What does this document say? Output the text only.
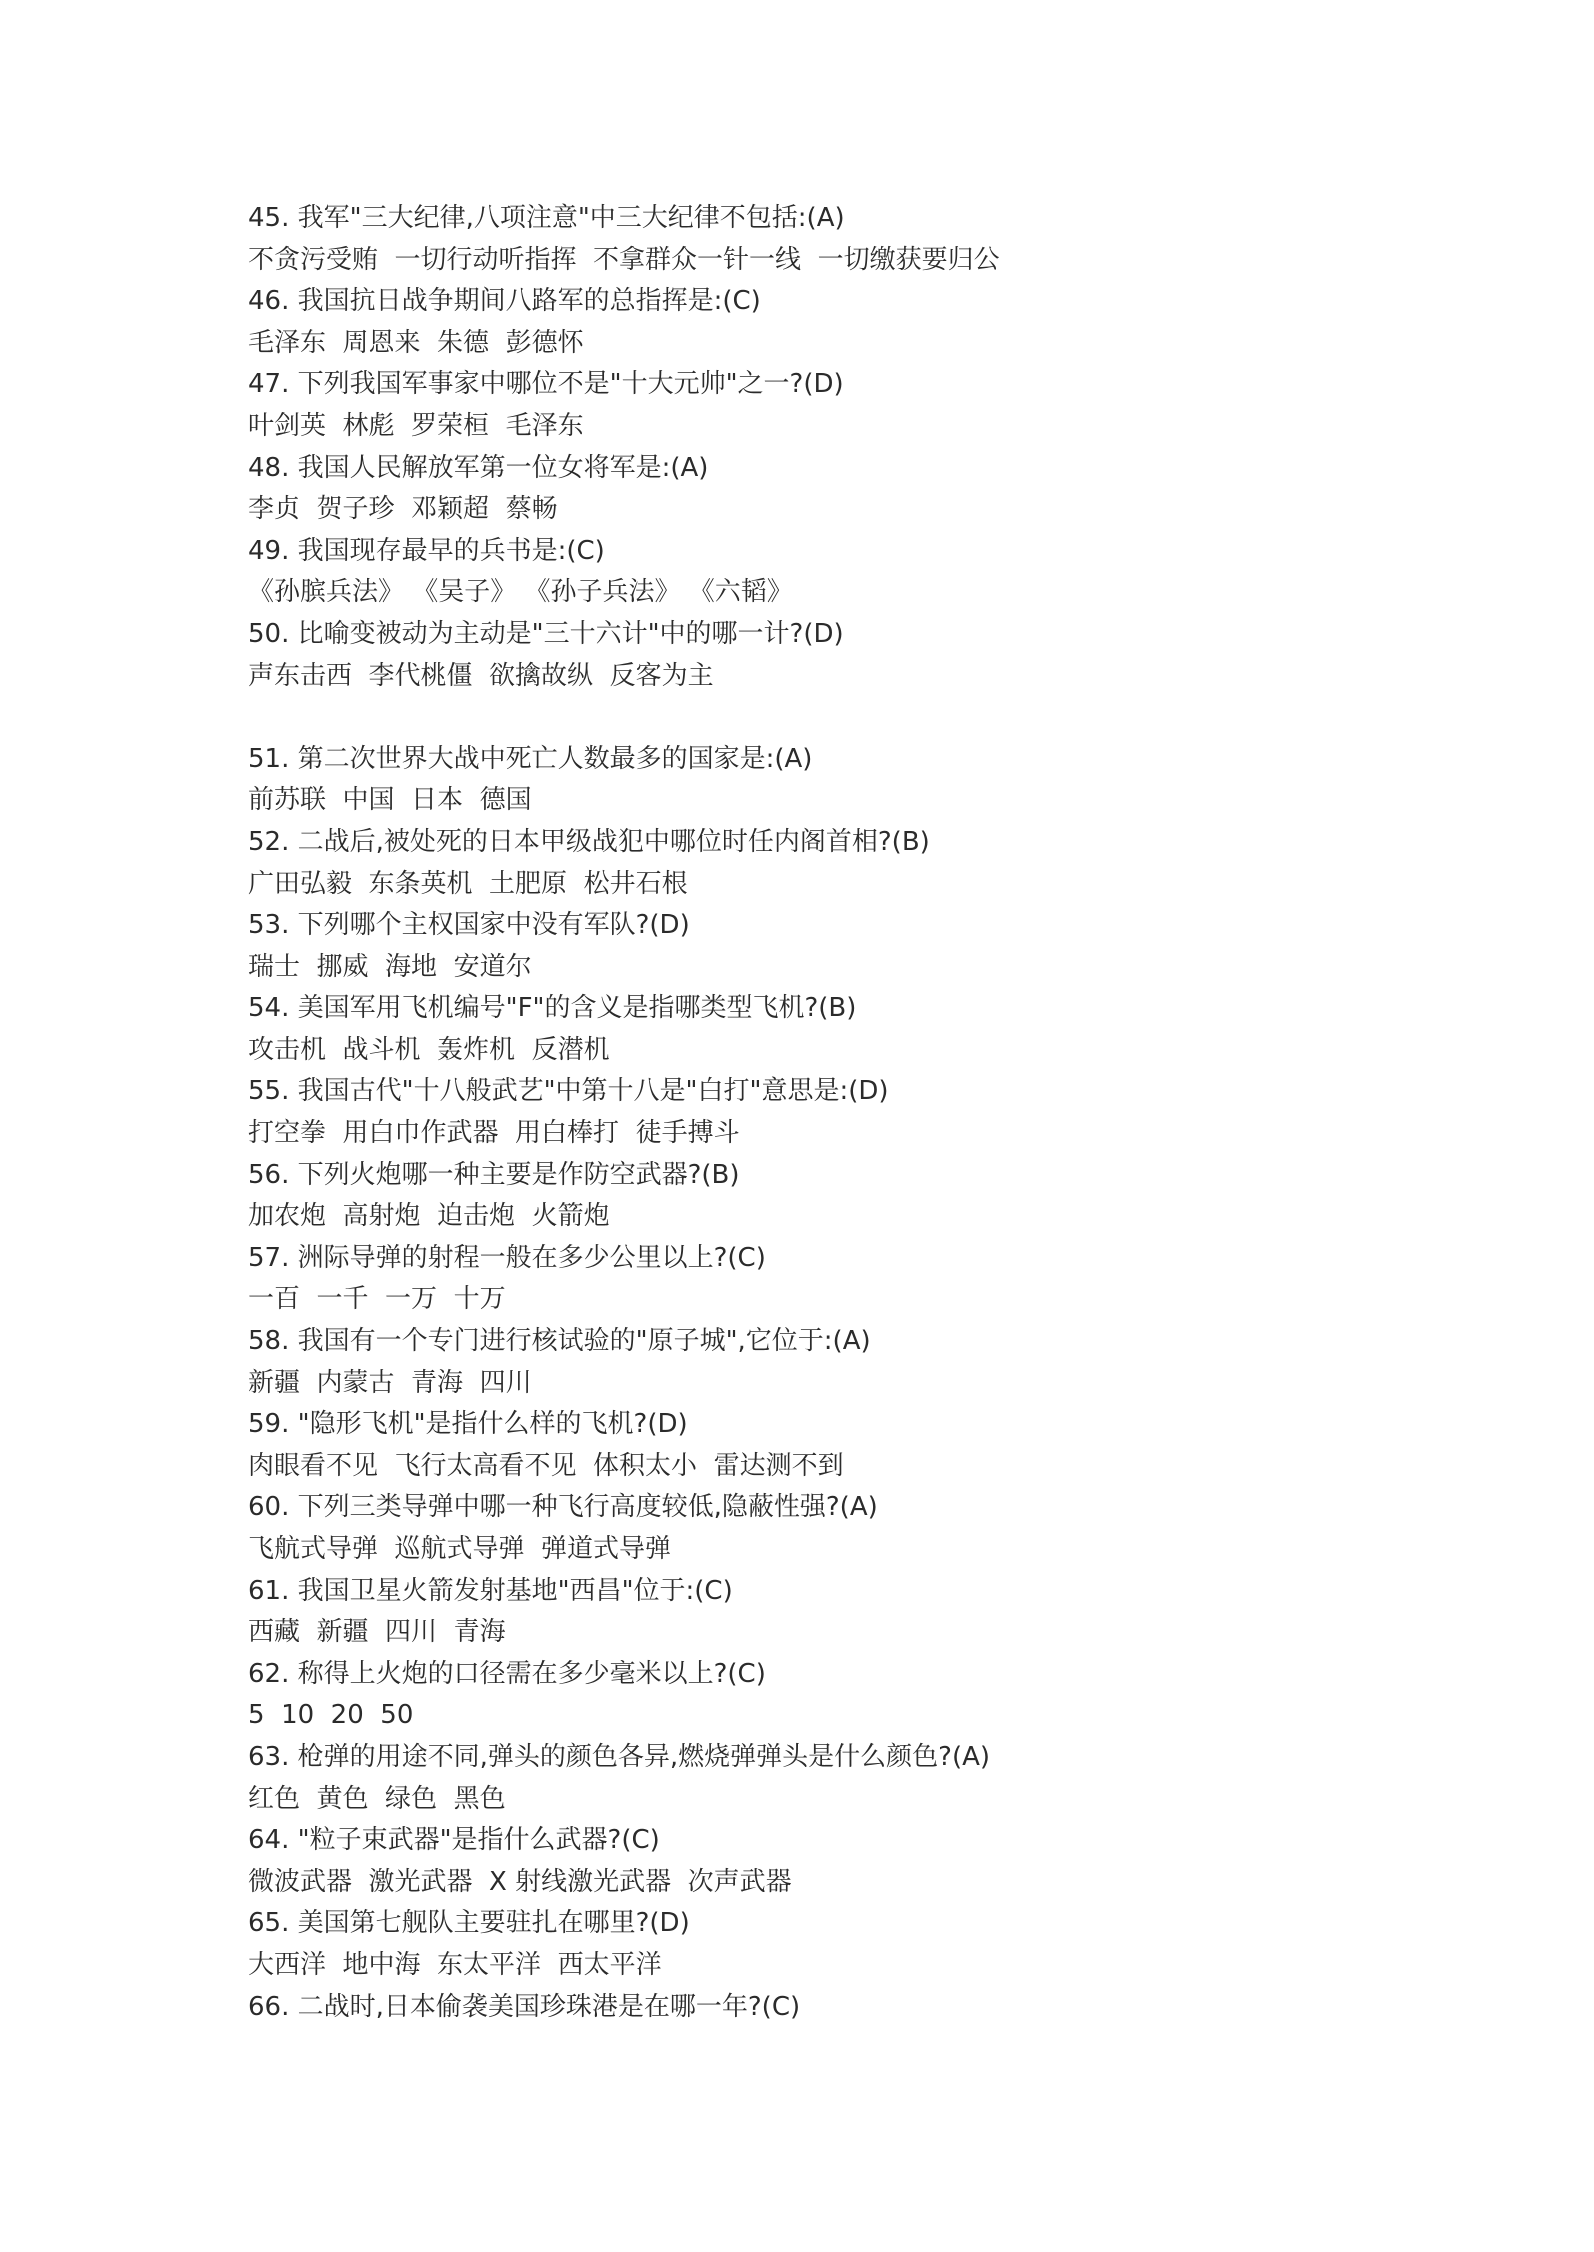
45. 我军"三大纪律,八项注意"中三大纪律不包括:(A)
不贪污受贿  一切行动听指挥  不拿群众一针一线  一切缴获要归公
46. 我国抗日战争期间八路军的总指挥是:(C)
毛泽东  周恩来  朱德  彭德怀
47. 下列我国军事家中哪位不是"十大元帅"之一?(D)
叶剑英  林彪  罗荣桓  毛泽东
48. 我国人民解放军第一位女将军是:(A)
李贞  贺子珍  邓颖超  蔡畅
49. 我国现存最早的兵书是:(C)
《孙膑兵法》 《吴子》 《孙子兵法》 《六韬》
50. 比喻变被动为主动是"三十六计"中的哪一计?(D)
声东击西  李代桃僵  欲擒故纵  反客为主
51. 第二次世界大战中死亡人数最多的国家是:(A)
前苏联  中国  日本  德国
52. 二战后,被处死的日本甲级战犯中哪位时任内阁首相?(B)
广田弘毅  东条英机  土肥原  松井石根
53. 下列哪个主权国家中没有军队?(D)
瑞士  挪威  海地  安道尔
54. 美国军用飞机编号"F"的含义是指哪类型飞机?(B)
攻击机  战斗机  轰炸机  反潜机
55. 我国古代"十八般武艺"中第十八是"白打"意思是:(D)
打空拳  用白巾作武器  用白棒打  徒手搏斗
56. 下列火炮哪一种主要是作防空武器?(B)
加农炮  高射炮  迫击炮  火箭炮
57. 洲际导弹的射程一般在多少公里以上?(C)
一百  一千  一万  十万
58. 我国有一个专门进行核试验的"原子城",它位于:(A)
新疆  内蒙古  青海  四川
59. "隐形飞机"是指什么样的飞机?(D)
肉眼看不见  飞行太高看不见  体积太小  雷达测不到
60. 下列三类导弹中哪一种飞行高度较低,隐蔽性强?(A)
飞航式导弹  巡航式导弹  弹道式导弹
61. 我国卫星火箭发射基地"西昌"位于:(C)
西藏  新疆  四川  青海
62. 称得上火炮的口径需在多少毫米以上?(C)
5  10  20  50
63. 枪弹的用途不同,弹头的颜色各异,燃烧弹弹头是什么颜色?(A)
红色  黄色  绿色  黑色
64. "粒子束武器"是指什么武器?(C)
微波武器  激光武器  X 射线激光武器  次声武器
65. 美国第七舰队主要驻扎在哪里?(D)
大西洋  地中海  东太平洋  西太平洋
66. 二战时,日本偷袭美国珍珠港是在哪一年?(C)
